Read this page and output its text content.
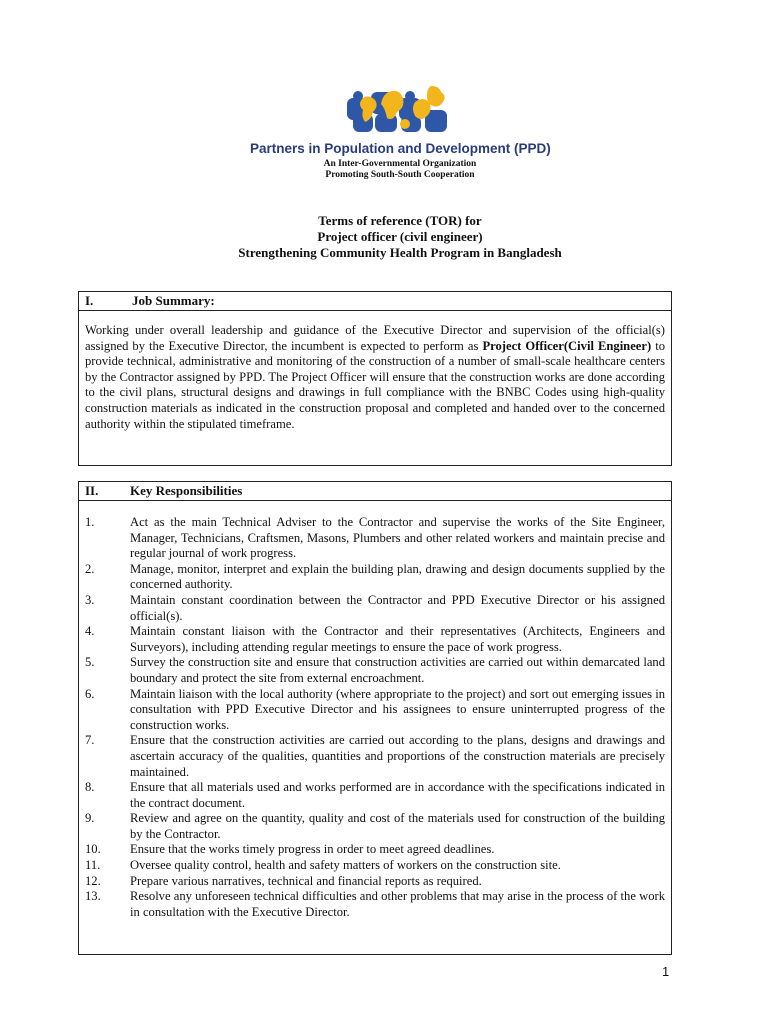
Partners in Population and Development (PPD)
An Inter-Governmental Organization
Promoting South-South Cooperation
Terms of reference (TOR) for
Project officer (civil engineer)
Strengthening Community Health Program in Bangladesh
I.	Job Summary:
Working under overall leadership and guidance of the Executive Director and supervision of the official(s) assigned by the Executive Director, the incumbent is expected to perform as Project Officer(Civil Engineer) to provide technical, administrative and monitoring of the construction of a number of small-scale healthcare centers by the Contractor assigned by PPD. The Project Officer will ensure that the construction works are done according to the civil plans, structural designs and drawings in full compliance with the BNBC Codes using high-quality construction materials as indicated in the construction proposal and completed and handed over to the concerned authority within the stipulated timeframe.
II. Key Responsibilities
1.	Act as the main Technical Adviser to the Contractor and supervise the works of the Site Engineer, Manager, Technicians, Craftsmen, Masons, Plumbers and other related workers and maintain precise and regular journal of work progress.
2.	Manage, monitor, interpret and explain the building plan, drawing and design documents supplied by the concerned authority.
3.	Maintain constant coordination between the Contractor and PPD Executive Director or his assigned official(s).
4.	Maintain constant liaison with the Contractor and their representatives (Architects, Engineers and Surveyors), including attending regular meetings to ensure the pace of work progress.
5.	Survey the construction site and ensure that construction activities are carried out within demarcated land boundary and protect the site from external encroachment.
6.	Maintain liaison with the local authority (where appropriate to the project) and sort out emerging issues in consultation with PPD Executive Director and his assignees to ensure uninterrupted progress of the construction works.
7.	Ensure that the construction activities are carried out according to the plans, designs and drawings and ascertain accuracy of the qualities, quantities and proportions of the construction materials are precisely maintained.
8.	Ensure that all materials used and works performed are in accordance with the specifications indicated in the contract document.
9.	Review and agree on the quantity, quality and cost of the materials used for construction of the building by the Contractor.
10.	Ensure that the works timely progress in order to meet agreed deadlines.
11.	Oversee quality control, health and safety matters of workers on the construction site.
12.	Prepare various narratives, technical and financial reports as required.
13.	Resolve any unforeseen technical difficulties and other problems that may arise in the process of the work in consultation with the Executive Director.
1
